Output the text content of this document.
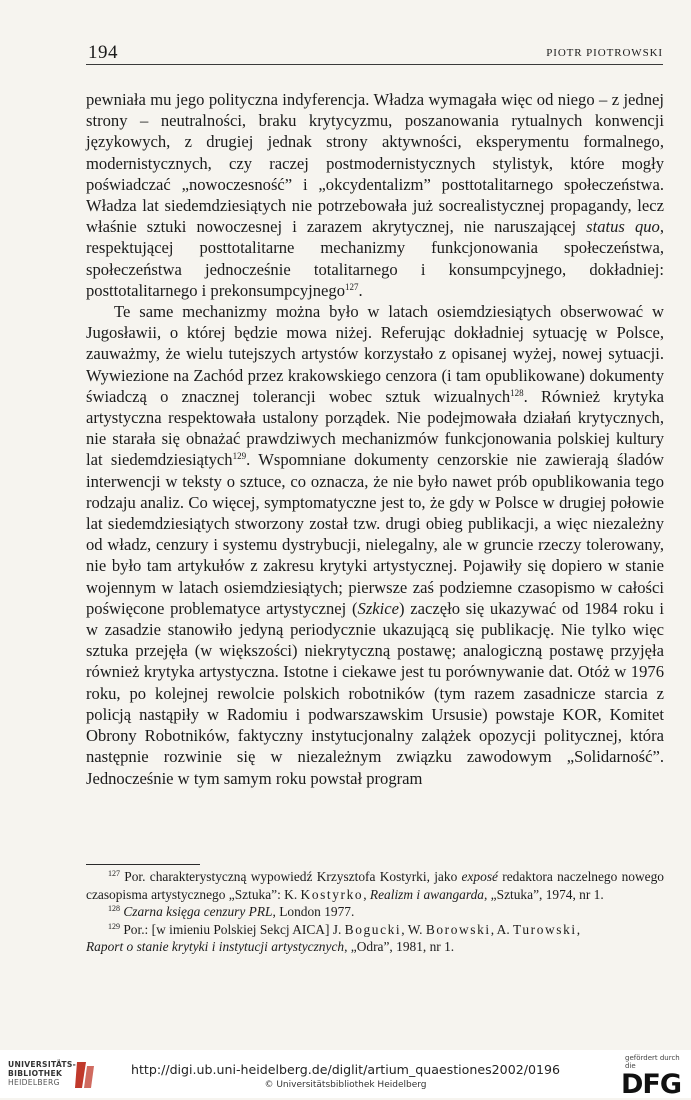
194	PIOTR PIOTROWSKI

pewniała mu jego polityczna indyferencja. Władza wymagała więc od niego – z jednej strony – neutralności, braku krytycyzmu, poszanowania rytualnych konwencji językowych, z drugiej jednak strony aktywności, eksperymentu formalnego, modernistycznych, czy raczej postmodernistycznych stylistyk, które mogły poświadczać „nowoczesność” i „okcydentalizm” posttotalitarnego społeczeństwa. Władza lat siedemdziesiątych nie potrzebowała już socrealistycznej propagandy, lecz właśnie sztuki nowoczesnej i zarazem akrytycznej, nie naruszającej status quo, respektującej posttotalitarne mechanizmy funkcjonowania społeczeństwa, społeczeństwa jednocześnie totalitarnego i konsumpcyjnego, dokładniej: posttotalitarnego i prekonsumpcyjnego$^{127}$.

Te same mechanizmy można było w latach osiemdziesiątych obserwować w Jugosławii, o której będzie mowa niżej. Referując dokładniej sytuację w Polsce, zauważmy, że wielu tutejszych artystów korzystało z opisanej wyżej, nowej sytuacji. Wywiezione na Zachód przez krakowskiego cenzora (i tam opublikowane) dokumenty świadczą o znacznej tolerancji wobec sztuk wizualnych$^{128}$. Również krytyka artystyczna respektowała ustalony porządek. Nie podejmowała działań krytycznych, nie starała się obnażać prawdziwych mechanizmów funkcjonowania polskiej kultury lat siedemdziesiątych$^{129}$. Wspomniane dokumenty cenzorskie nie zawierają śladów interwencji w teksty o sztuce, co oznacza, że nie było nawet prób opublikowania tego rodzaju analiz. Co więcej, symptomatyczne jest to, że gdy w Polsce w drugiej połowie lat siedemdziesiątych stworzony został tzw. drugi obieg publikacji, a więc niezależny od władz, cenzury i systemu dystrybucji, nielegalny, ale w gruncie rzeczy tolerowany, nie było tam artykułów z zakresu krytyki artystycznej. Pojawiły się dopiero w stanie wojennym w latach osiemdziesiątych; pierwsze zaś podziemne czasopismo w całości poświęcone problematyce artystycznej (Szkice) zaczęło się ukazywać od 1984 roku i w zasadzie stanowiło jedyną periodycznie ukazującą się publikację. Nie tylko więc sztuka przejęła (w większości) niekrytyczną postawę; analogiczną postawę przyjęła również krytyka artystyczna. Istotne i ciekawe jest tu porównywanie dat. Otóż w 1976 roku, po kolejnej rewolcie polskich robotników (tym razem zasadnicze starcia z policją nastąpiły w Radomiu i podwarszawskim Ursusie) powstaje KOR, Komitet Obrony Robotników, faktyczny instytucjonalny zalążek opozycji politycznej, która następnie rozwinie się w niezależnym związku zawodowym „Solidarność”. Jednocześnie w tym samym roku powstał program

$^{127}$ Por. charakterystyczną wypowiedź Krzysztofa Kostyrki, jako exposé redaktora naczelnego nowego czasopisma artystycznego „Sztuka”: K. Kostyrko, Realizm i awangarda, „Sztuka”, 1974, nr 1.

$^{128}$ Czarna księga cenzury PRL, London 1977.

$^{129}$ Por.: [w imieniu Polskiej Sekcj AICA] J. Bogucki, W. Borowski, A. Turowski,
Raport o stanie krytyki i instytucji artystycznych, „Odra”, 1981, nr 1.

UNIVERSITÄTS-
BIBLIOTHEK
HEIDELBERG
http://digi.ub.uni-heidelberg.de/diglit/artium_quaestiones2002/0196
© Universitätsbibliothek Heidelberg
gefördert durch die
DFG
